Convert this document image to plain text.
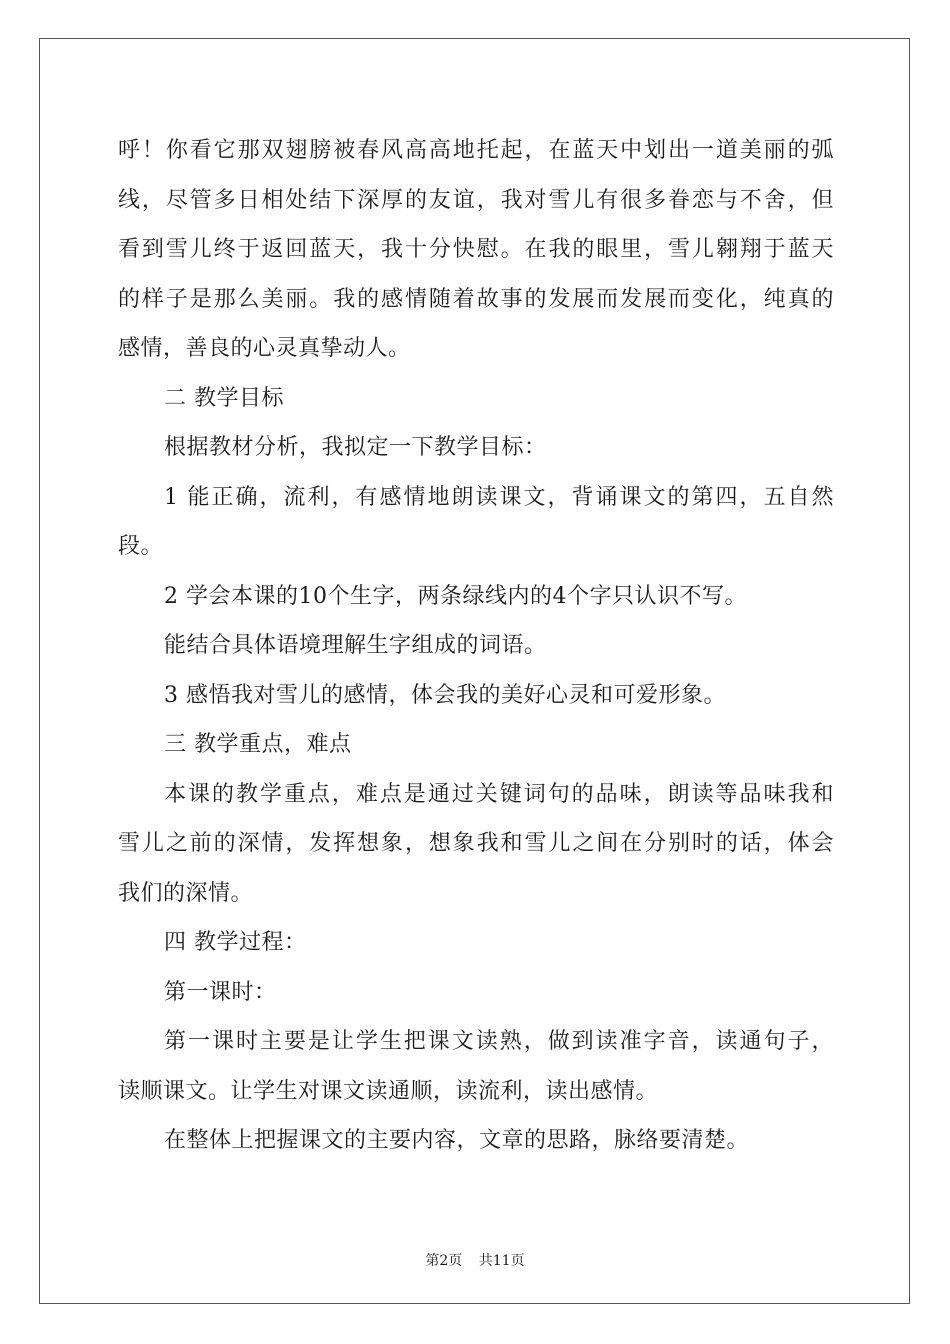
呼！你看它那双翅膀被春风高高地托起，在蓝天中划出一道美丽的弧
线，尽管多日相处结下深厚的友谊，我对雪儿有很多眷恋与不舍，但
看到雪儿终于返回蓝天，我十分快慰。在我的眼里，雪儿翱翔于蓝天
的样子是那么美丽。我的感情随着故事的发展而发展而变化，纯真的
感情，善良的心灵真挚动人。
二 教学目标
根据教材分析，我拟定一下教学目标：
1 能正确，流利，有感情地朗读课文，背诵课文的第四，五自然
段。
2 学会本课的10个生字，两条绿线内的4个字只认识不写。
能结合具体语境理解生字组成的词语。
3 感悟我对雪儿的感情，体会我的美好心灵和可爱形象。
三 教学重点，难点
本课的教学重点，难点是通过关键词句的品味，朗读等品味我和
雪儿之前的深情，发挥想象，想象我和雪儿之间在分别时的话，体会
我们的深情。
四 教学过程：
第一课时：
第一课时主要是让学生把课文读熟，做到读准字音，读通句子，
读顺课文。让学生对课文读通顺，读流利，读出感情。
在整体上把握课文的主要内容，文章的思路，脉络要清楚。
第2页 共11页
